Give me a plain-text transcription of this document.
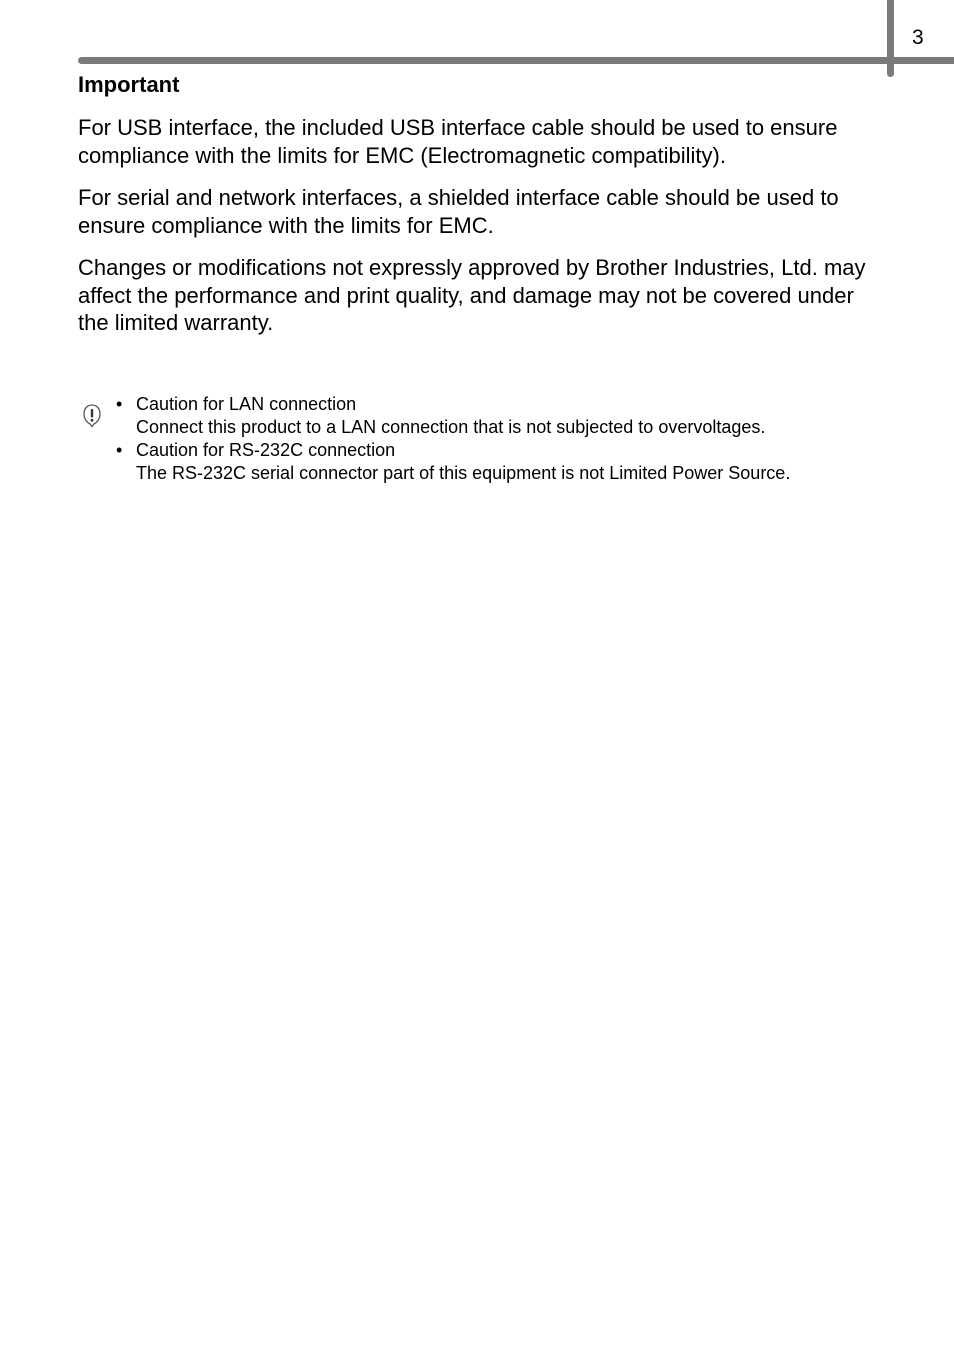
3
Important

For USB interface, the included USB interface cable should be used to ensure compliance with the limits for EMC (Electromagnetic compatibility).

For serial and network interfaces, a shielded interface cable should be used to ensure compliance with the limits for EMC.

Changes or modifications not expressly approved by Brother Industries, Ltd. may affect the performance and print quality, and damage may not be covered under the limited warranty.

• Caution for LAN connection
Connect this product to a LAN connection that is not subjected to overvoltages.
• Caution for RS-232C connection
The RS-232C serial connector part of this equipment is not Limited Power Source.
